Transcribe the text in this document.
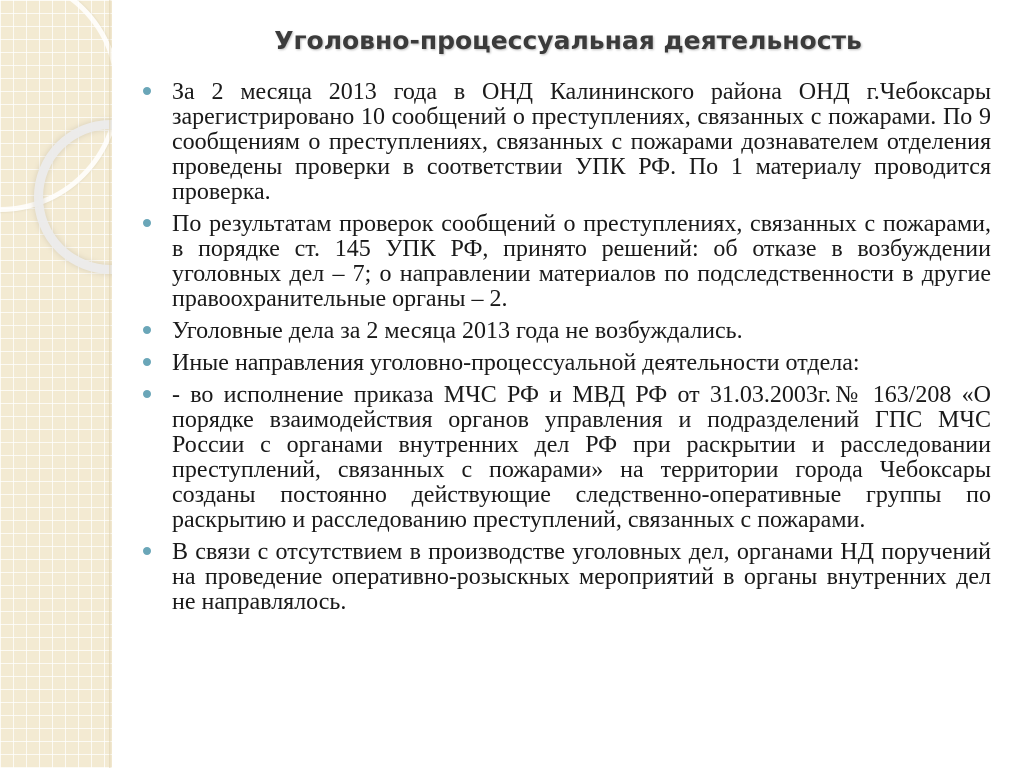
Уголовно-процессуальная деятельность
За 2 месяца 2013 года в ОНД Калининского района ОНД г.Чебоксары зарегистрировано 10 сообщений о преступлениях, связанных с пожарами. По 9 сообщениям о преступлениях, связанных с пожарами дознавателем отделения проведены проверки в соответствии УПК РФ. По 1 материалу проводится проверка.
По результатам проверок сообщений о преступлениях, связанных с пожарами, в порядке ст. 145 УПК РФ, принято решений: об отказе в возбуждении уголовных дел – 7; о направлении материалов по подследственности в другие правоохранительные органы – 2.
Уголовные дела за 2 месяца 2013 года не возбуждались.
Иные направления уголовно-процессуальной деятельности отдела:
- во исполнение приказа МЧС РФ и МВД РФ от 31.03.2003г.№ 163/208 «О порядке взаимодействия органов управления и подразделений ГПС МЧС России с органами внутренних дел РФ при раскрытии и расследовании преступлений, связанных с пожарами» на территории города Чебоксары созданы постоянно действующие следственно-оперативные группы по раскрытию и расследованию преступлений, связанных с пожарами.
В связи с отсутствием в производстве уголовных дел, органами НД поручений на проведение оперативно-розыскных мероприятий в органы внутренних дел не направлялось.
